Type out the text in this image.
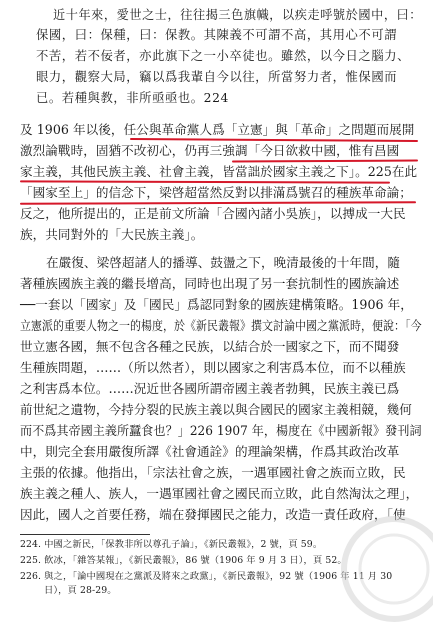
近十年來，愛世之士，往往揭三色旗幟，以疾走呼號於國中，曰：

保國，曰：保種，曰：保教。其陳義不可謂不高，其用心不可謂

不苦，若不佞者，亦此旗下之一小卒徒也。雖然，以今日之腦力、

眼力，觀察大局，竊以爲我輩自今以往，所當努力者，惟保國而

已。若種與教，非所亟亟也。224

及 1906 年以後，任公與革命黨人爲「立憲」與「革命」之問題而展開

激烈論戰時，固猶不改初心，仍再三強調「今日欲救中國，惟有昌國

家主義，其他民族主義、社會主義，皆當詘於國家主義之下」。225在此

「國家至上」的信念下，梁啓超當然反對以排滿爲號召的種族革命論；

反之，他所提出的，正是前文所論「合國內諸小吳族」，以搏成一大民

族，共同對外的「大民族主義」。

在嚴復、梁啓超諸人的播導、鼓盪之下，晚清最後的十年間，隨

著種族國族主義的繼長增高，同時也出現了另一套抗制性的國族論述

──一套以「國家」及「國民」爲認同對象的國族建構策略。1906 年，

立憲派的重要人物之一的楊度，於《新民叢報》撰文討論中國之黨派時，便說：「今

世立憲各國，無不包含各種之民族，以結合於一國家之下，而不聞發

生種族問題，……（所以然者），則以國家之利害爲本位，而不以種族

之利害爲本位。……況近世各國所謂帝國主義者勃興，民族主義已爲

前世紀之遺物，今持分裂的民族主義以與合國民的國家主義相競，幾何

而不爲其帝國主義所蠶食也？」226 1907 年，楊度在《中國新報》發刊詞

中，則完全套用嚴復所譯《社會通詮》的理論架構，作爲其政治改革

主張的依據。他指出，「宗法社會之族，一遇軍國社會之族而立敗，民

族主義之種人、族人，一遇軍國社會之國民而立敗，此自然淘汰之理」，

因此，國人之首要任務，端在發揮國民之能力，改造一責任政府，「使

224. 中國之新民，「保教非所以尊孔子論」，《新民叢報》，2 號，頁 59。

225. 飲冰，「雜答某報」，《新民叢報》，86 號（1906 年 9 月 3 日），頁 52。

226. 與之，「論中國現在之黨派及將來之政黨」，《新民叢報》，92 號（1906 年 11 月 30

日），頁 28-29。
